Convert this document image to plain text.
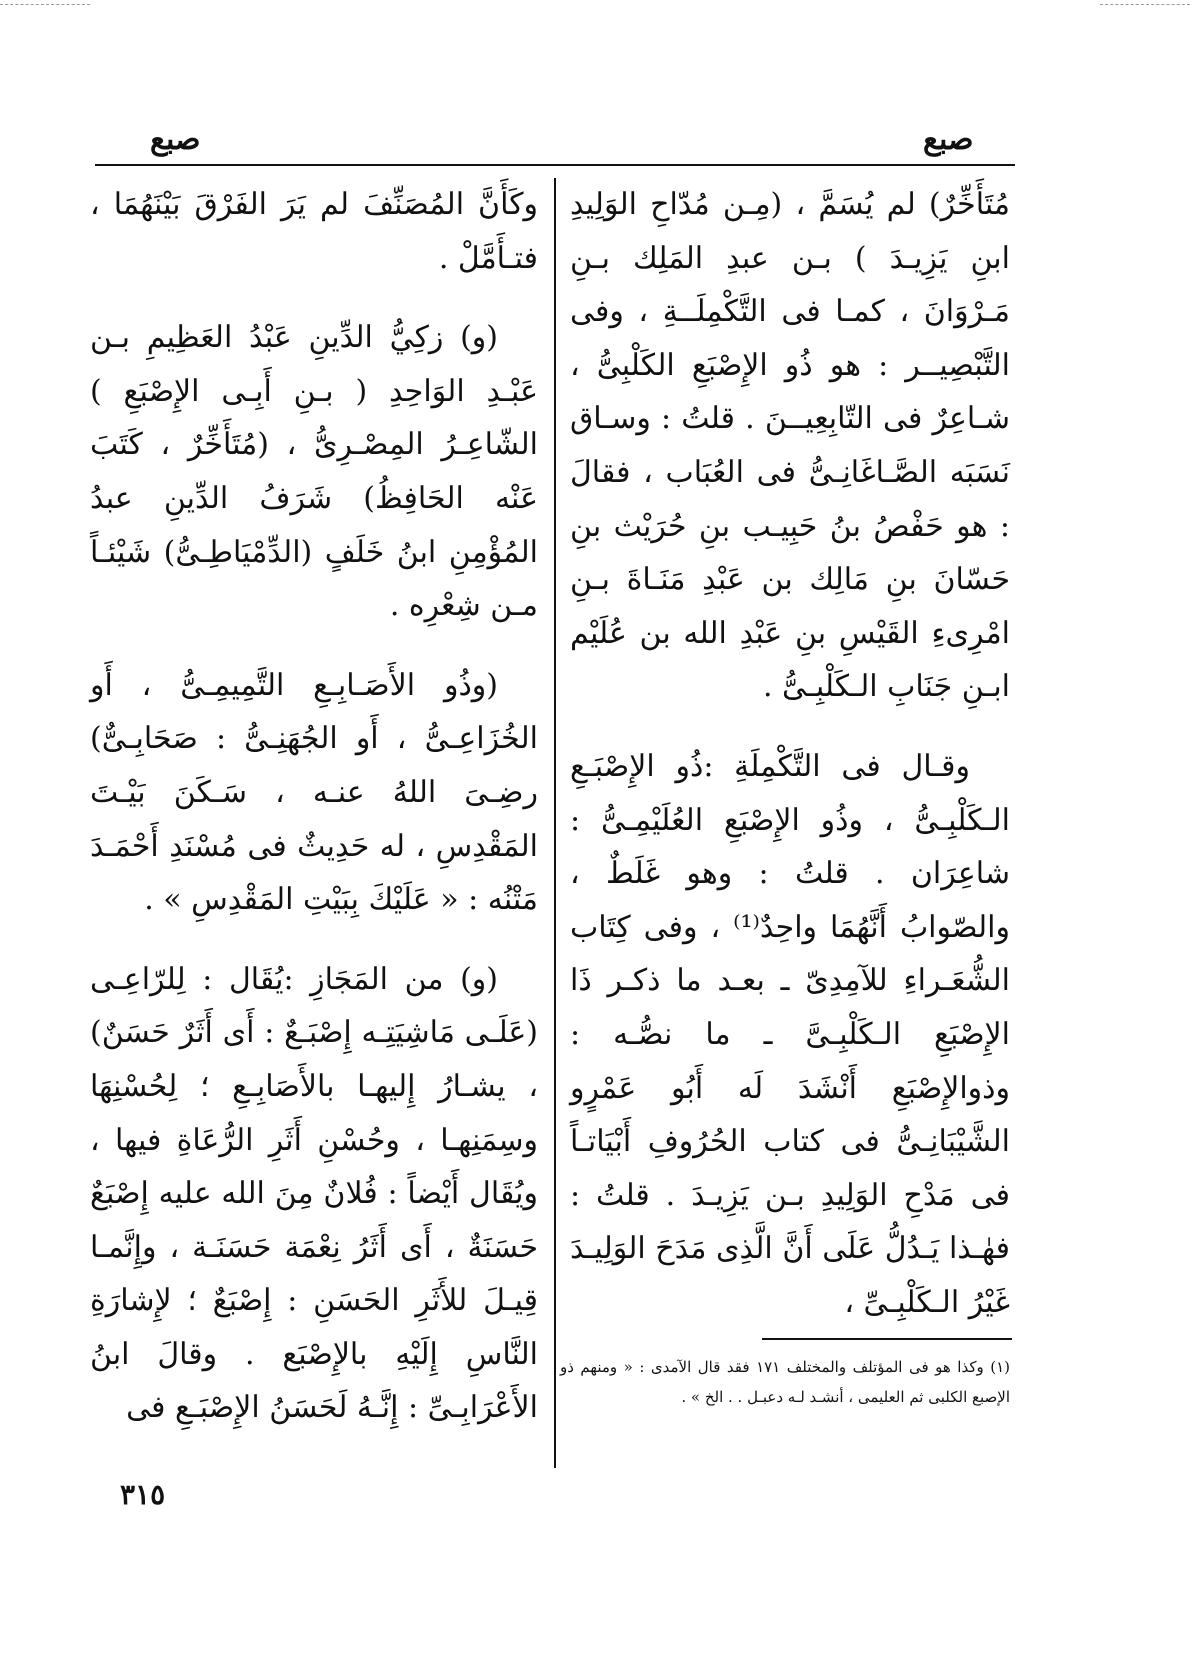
صبع
صبع

مُتَأَخِّرٌ) لم يُسَمَّ ، (مِـن مُدّاحِ الوَلِيدِ ابنِ يَزِيـدَ ) بـن عبدِ المَلِك بـنِ مَـرْوَانَ ، كمـا فى التَّكْمِلَــةِ ، وفى التَّبْصِيــر : هو ذُو الإِصْبَعِ الكَلْبِىُّ ، شـاعِرٌ فى التّابِعِيــنَ . قلتُ : وسـاق نَسَبَه الصَّـاغَانِـىُّ فى العُبَاب ، فقالَ : هو حَفْصُ بنُ حَبِيـب بنِ حُرَيْث بنِ حَسّانَ بنِ مَالِك بن عَبْدِ مَنَـاةَ بـنِ امْرِىءِ القَيْسِ بنِ عَبْدِ الله بن عُلَيْم ابـنِ جَنَابِ الـكَلْبِـىُّ .

وقـال فى التَّكْمِلَةِ :ذُو الإِصْبَـعِ الـكَلْبِـىُّ ، وذُو الإِصْبَعِ العُلَيْمِـىُّ : شاعِرَان . قلتُ : وهو غَلَطٌ ، والصّوابُ أَنَّهُمَا واحِدٌ⁽¹⁾ ، وفى كِتَاب الشُّعَـراءِ للآمِدِىّ ـ بعـد ما ذكـر ذَا الإِصْبَعِ الـكَلْبِـىَّ ـ ما نصُّـه : وذوالإِصْبَعِ أَنْشَدَ لَه أَبُو عَمْرٍو الشَّيْبَانِـىُّ فى كتاب الحُرُوفِ أَبْيَاتـاً فى مَدْحِ الوَلِيدِ بـن يَزِيـدَ . قلتُ : فهٰـذا يَـدُلُّ عَلَى أَنَّ الَّذِى مَدَحَ الوَلِيـدَ غَيْرُ الـكَلْبِـىِّ ،

وكَأَنَّ المُصَنِّفَ لم يَرَ الفَرْقَ بَيْنَهُمَا ، فتـأَمَّلْ .

(و) زكِيُّ الدِّينِ عَبْدُ العَظِيمِ بـن عَبْـدِ الوَاحِدِ ( بـنِ أَبِـى الإِصْبَعِ ) الشّاعِـرُ المِصْـرِىُّ ، (مُتَأَخِّرٌ ، كَتَبَ عَنْه الحَافِظُ) شَرَفُ الدِّينِ عبدُ المُؤْمِنِ ابنُ خَلَفٍ (الدِّمْيَاطِـىُّ) شَيْئـاً مـن شِعْرِه .

(وذُو الأَصَـابِـعِ التَّمِيمِـىُّ ، أَو الخُزَاعِـىُّ ، أَو الجُهَنِـىُّ : صَحَابِـىٌّ) رضِـىَ اللهُ عنـه ، سَـكَنَ بَيْـتَ المَقْدِسِ ، له حَدِيثٌ فى مُسْنَدِ أَحْمَـدَ مَتْنُه : « عَلَيْكَ بِبَيْتِ المَقْدِسِ » .

(و) من المَجَازِ :يُقَال : لِلرّاعِـى (عَلَـى مَاشِيَتِـه إِصْبَـعٌ : أَى أَثَرٌ حَسَنٌ) ، يشـارُ إِليهـا بالأَصَابِـعِ ؛ لِحُسْنِهَا وسِمَنِهـا ، وحُسْنِ أَثَرِ الرُّعَاةِ فيها ، ويُقَال أَيْضاً : فُلانٌ مِنَ الله عليه إِصْبَعٌ حَسَنَةٌ ، أَى أَثَرُ نِعْمَة حَسَنَـة ، وإِنَّمـا قِيـلَ للأَثَرِ الحَسَنِ : إِصْبَعٌ ؛ لإِشارَةِ النَّاسِ إِلَيْهِ بالإِصْبَع . وقالَ ابنُ الأَعْرَابِـىِّ : إِنَّـهُ لَحَسَنُ الإِصْبَـعِ فى

(١) وكذا هو فى المؤتلف والمختلف ١٧١ فقد قال الآمدى : « ومنهم ذو الإصبع الكلبى ثم العليمى ، أنشـد لـه دعبـل . . الخ » .
٣١٥
